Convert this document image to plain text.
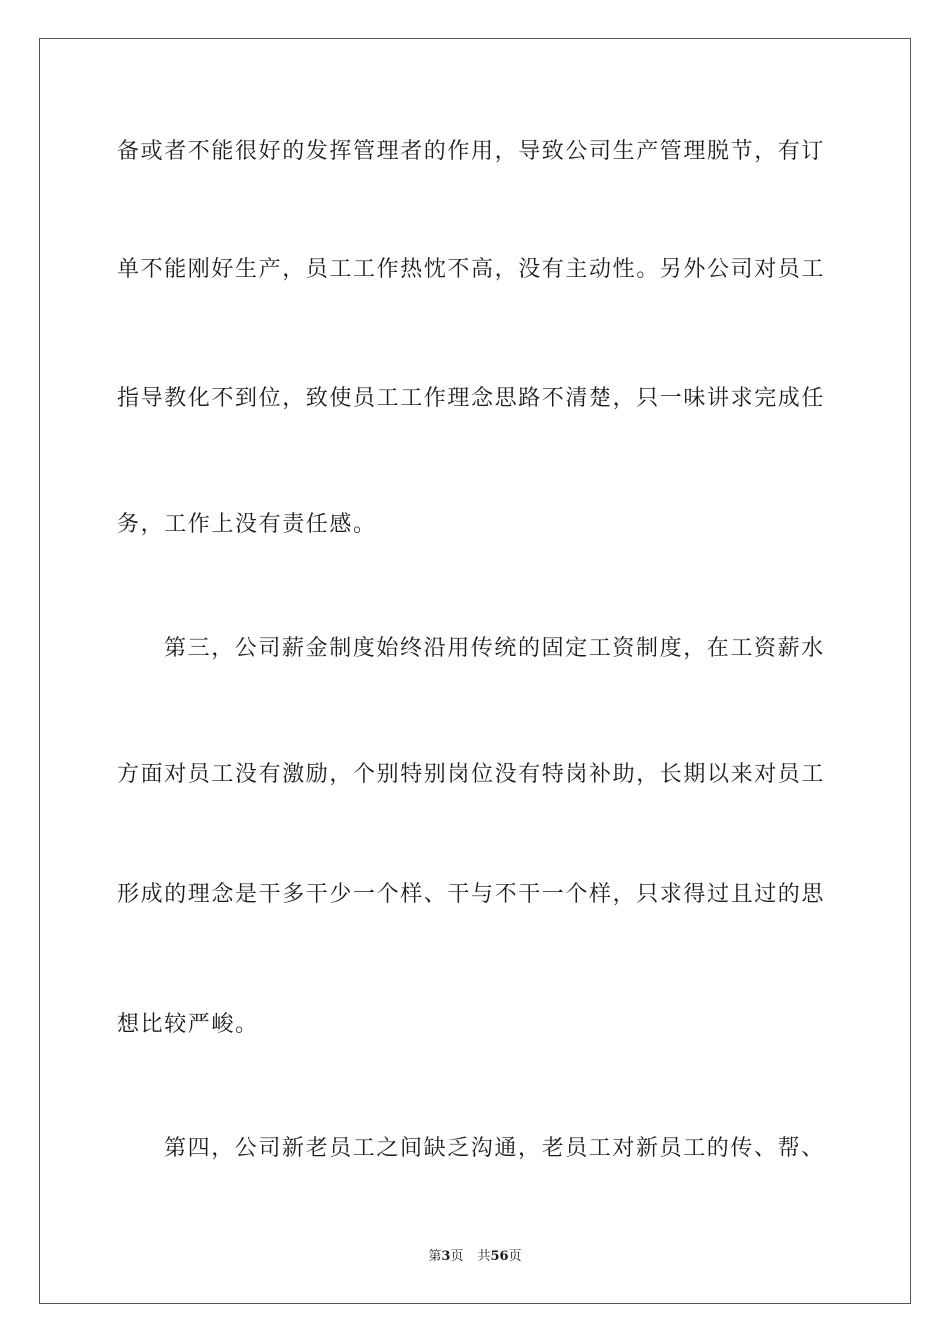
备或者不能很好的发挥管理者的作用，导致公司生产管理脱节，有订
单不能刚好生产，员工工作热忱不高，没有主动性。另外公司对员工
指导教化不到位，致使员工工作理念思路不清楚，只一味讲求完成任
务，工作上没有责任感。
第三，公司薪金制度始终沿用传统的固定工资制度，在工资薪水
方面对员工没有激励，个别特别岗位没有特岗补助，长期以来对员工
形成的理念是干多干少一个样、干与不干一个样，只求得过且过的思
想比较严峻。
第四，公司新老员工之间缺乏沟通，老员工对新员工的传、帮、
第3页 共56页
